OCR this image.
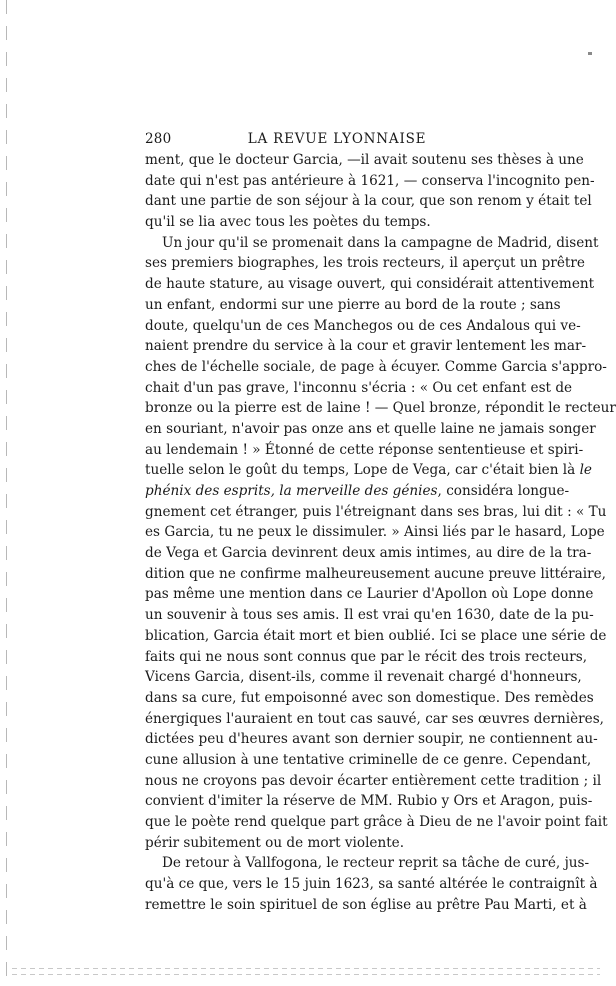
280	LA REVUE LYONNAISE
ment, que le docteur Garcia, —il avait soutenu ses thèses à une
date qui n'est pas antérieure à 1621, — conserva l'incognito pen-
dant une partie de son séjour à la cour, que son renom y était tel
qu'il se lia avec tous les poètes du temps.
Un jour qu'il se promenait dans la campagne de Madrid, disent
ses premiers biographes, les trois recteurs, il aperçut un prêtre
de haute stature, au visage ouvert, qui considérait attentivement
un enfant, endormi sur une pierre au bord de la route ; sans
doute, quelqu'un de ces Manchegos ou de ces Andalous qui ve-
naient prendre du service à la cour et gravir lentement les mar-
ches de l'échelle sociale, de page à écuyer. Comme Garcia s'appro-
chait d'un pas grave, l'inconnu s'écria : « Ou cet enfant est de
bronze ou la pierre est de laine ! — Quel bronze, répondit le recteur
en souriant, n'avoir pas onze ans et quelle laine ne jamais songer
au lendemain ! » Étonné de cette réponse sententieuse et spiri-
tuelle selon le goût du temps, Lope de Vega, car c'était bien là le
phénix des esprits, la merveille des génies, considéra longue-
gnement cet étranger, puis l'étreignant dans ses bras, lui dit : « Tu
es Garcia, tu ne peux le dissimuler. » Ainsi liés par le hasard, Lope
de Vega et Garcia devinrent deux amis intimes, au dire de la tra-
dition que ne confirme malheureusement aucune preuve littéraire,
pas même une mention dans ce Laurier d'Apollon où Lope donne
un souvenir à tous ses amis. Il est vrai qu'en 1630, date de la pu-
blication, Garcia était mort et bien oublié. Ici se place une série de
faits qui ne nous sont connus que par le récit des trois recteurs,
Vicens Garcia, disent-ils, comme il revenait chargé d'honneurs,
dans sa cure, fut empoisonné avec son domestique. Des remèdes
énergiques l'auraient en tout cas sauvé, car ses œuvres dernières,
dictées peu d'heures avant son dernier soupir, ne contiennent au-
cune allusion à une tentative criminelle de ce genre. Cependant,
nous ne croyons pas devoir écarter entièrement cette tradition ; il
convient d'imiter la réserve de MM. Rubio y Ors et Aragon, puis-
que le poète rend quelque part grâce à Dieu de ne l'avoir point fait
périr subitement ou de mort violente.
De retour à Vallfogona, le recteur reprit sa tâche de curé, jus-
qu'à ce que, vers le 15 juin 1623, sa santé altérée le contraignît à
remettre le soin spirituel de son église au prêtre Pau Marti, et à
